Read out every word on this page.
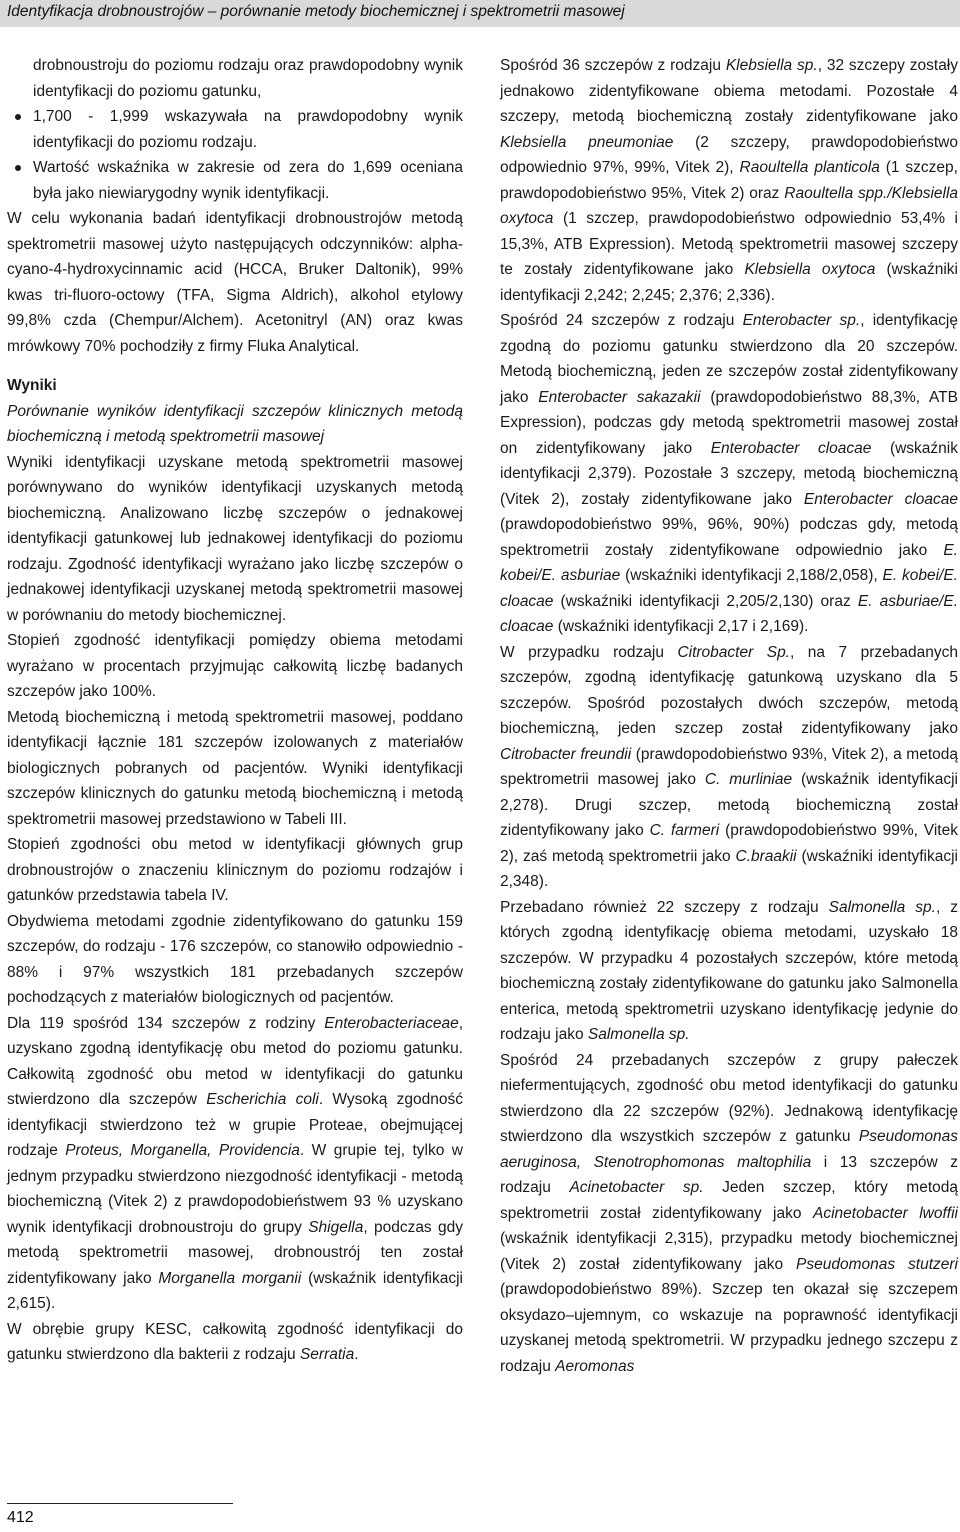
Identyfikacja drobnoustrojów – porównanie metody biochemicznej i spektrometrii masowej
drobnoustroju do poziomu rodzaju oraz prawdopodobny wynik identyfikacji do poziomu gatunku,
1,700 - 1,999 wskazywała na prawdopodobny wynik identyfikacji do poziomu rodzaju.
Wartość wskaźnika w zakresie od zera do 1,699 oceniana była jako niewiarygodny wynik identyfikacji.

W celu wykonania badań identyfikacji drobnoustrojów metodą spektrometrii masowej użyto następujących odczynników: alpha-cyano-4-hydroxycinnamic acid (HCCA, Bruker Daltonik), 99% kwas tri-fluoro-octowy (TFA, Sigma Aldrich), alkohol etylowy 99,8% czda (Chempur/Alchem). Acetonitryl (AN) oraz kwas mrówkowy 70% pochodziły z firmy Fluka Analytical.

Wyniki

Porównanie wyników identyfikacji szczepów klinicznych metodą biochemiczną i metodą spektrometrii masowej

Wyniki identyfikacji uzyskane metodą spektrometrii masowej porównywano do wyników identyfikacji uzyskanych metodą biochemiczną. Analizowano liczbę szczepów o jednakowej identyfikacji gatunkowej lub jednakowej identyfikacji do poziomu rodzaju. Zgodność identyfikacji wyrażano jako liczbę szczepów o jednakowej identyfikacji uzyskanej metodą spektrometrii masowej w porównaniu do metody biochemicznej.

Stopień zgodność identyfikacji pomiędzy obiema metodami wyrażano w procentach przyjmując całkowitą liczbę badanych szczepów jako 100%.

Metodą biochemiczną i metodą spektrometrii masowej, poddano identyfikacji łącznie 181 szczepów izolowanych z materiałów biologicznych pobranych od pacjentów. Wyniki identyfikacji szczepów klinicznych do gatunku metodą biochemiczną i metodą spektrometrii masowej przedstawiono w Tabeli III.

Stopień zgodności obu metod w identyfikacji głównych grup drobnoustrojów o znaczeniu klinicznym do poziomu rodzajów i gatunków przedstawia tabela IV.

Obydwiema metodami zgodnie zidentyfikowano do gatunku 159 szczepów, do rodzaju - 176 szczepów, co stanowiło odpowiednio - 88% i 97% wszystkich 181 przebadanych szczepów pochodzących z materiałów biologicznych od pacjentów.

Dla 119 spośród 134 szczepów z rodziny Enterobacteriaceae, uzyskano zgodną identyfikację obu metod do poziomu gatunku. Całkowitą zgodność obu metod w identyfikacji do gatunku stwierdzono dla szczepów Escherichia coli. Wysoką zgodność identyfikacji stwierdzono też w grupie Proteae, obejmującej rodzaje Proteus, Morganella, Providencia. W grupie tej, tylko w jednym przypadku stwierdzono niezgodność identyfikacji - metodą biochemiczną (Vitek 2) z prawdopodobieństwem 93 % uzyskano wynik identyfikacji drobnoustroju do grupy Shigella, podczas gdy metodą spektrometrii masowej, drobnoustrój ten został zidentyfikowany jako Morganella morganii (wskaźnik identyfikacji 2,615).

W obrębie grupy KESC, całkowitą zgodność identyfikacji do gatunku stwierdzono dla bakterii z rodzaju Serratia.

Spośród 36 szczepów z rodzaju Klebsiella sp., 32 szczepy zostały jednakowo zidentyfikowane obiema metodami. Pozostałe 4 szczepy, metodą biochemiczną zostały zidentyfikowane jako Klebsiella pneumoniae (2 szczepy, prawdopodobieństwo odpowiednio 97%, 99%, Vitek 2), Raoultella planticola (1 szczep, prawdopodobieństwo 95%, Vitek 2) oraz Raoultella spp./Klebsiella oxytoca (1 szczep, prawdopodobieństwo odpowiednio 53,4% i 15,3%, ATB Expression). Metodą spektrometrii masowej szczepy te zostały zidentyfikowane jako Klebsiella oxytoca (wskaźniki identyfikacji 2,242; 2,245; 2,376; 2,336).

Spośród 24 szczepów z rodzaju Enterobacter sp., identyfikację zgodną do poziomu gatunku stwierdzono dla 20 szczepów. Metodą biochemiczną, jeden ze szczepów został zidentyfikowany jako Enterobacter sakazakii (prawdopodobieństwo 88,3%, ATB Expression), podczas gdy metodą spektrometrii masowej został on zidentyfikowany jako Enterobacter cloacae (wskaźnik identyfikacji 2,379). Pozostałe 3 szczepy, metodą biochemiczną (Vitek 2), zostały zidentyfikowane jako Enterobacter cloacae (prawdopodobieństwo 99%, 96%, 90%) podczas gdy, metodą spektrometrii zostały zidentyfikowane odpowiednio jako E. kobei/E. asburiae (wskaźniki identyfikacji 2,188/2,058), E. kobei/E. cloacae (wskaźniki identyfikacji 2,205/2,130) oraz E. asburiae/E. cloacae (wskaźniki identyfikacji 2,17 i 2,169).

W przypadku rodzaju Citrobacter Sp., na 7 przebadanych szczepów, zgodną identyfikację gatunkową uzyskano dla 5 szczepów. Spośród pozostałych dwóch szczepów, metodą biochemiczną, jeden szczep został zidentyfikowany jako Citrobacter freundii (prawdopodobieństwo 93%, Vitek 2), a metodą spektrometrii masowej jako C. murliniae (wskaźnik identyfikacji 2,278). Drugi szczep, metodą biochemiczną został zidentyfikowany jako C. farmeri (prawdopodobieństwo 99%, Vitek 2), zaś metodą spektrometrii jako C.braakii (wskaźniki identyfikacji 2,348).

Przebadano również 22 szczepy z rodzaju Salmonella sp., z których zgodną identyfikację obiema metodami, uzyskało 18 szczepów. W przypadku 4 pozostałych szczepów, które metodą biochemiczną zostały zidentyfikowane do gatunku jako Salmonella enterica, metodą spektrometrii uzyskano identyfikację jedynie do rodzaju jako Salmonella sp.

Spośród 24 przebadanych szczepów z grupy pałeczek niefermentujących, zgodność obu metod identyfikacji do gatunku stwierdzono dla 22 szczepów (92%). Jednakową identyfikację stwierdzono dla wszystkich szczepów z gatunku Pseudomonas aeruginosa, Stenotrophomonas maltophilia i 13 szczepów z rodzaju Acinetobacter sp. Jeden szczep, który metodą spektrometrii został zidentyfikowany jako Acinetobacter lwoffii (wskaźnik identyfikacji 2,315), przypadku metody biochemicznej (Vitek 2) został zidentyfikowany jako Pseudomonas stutzeri (prawdopodobieństwo 89%). Szczep ten okazał się szczepem oksydazo–ujemnym, co wskazuje na poprawność identyfikacji uzyskanej metodą spektrometrii. W przypadku jednego szczepu z rodzaju Aeromonas

412
